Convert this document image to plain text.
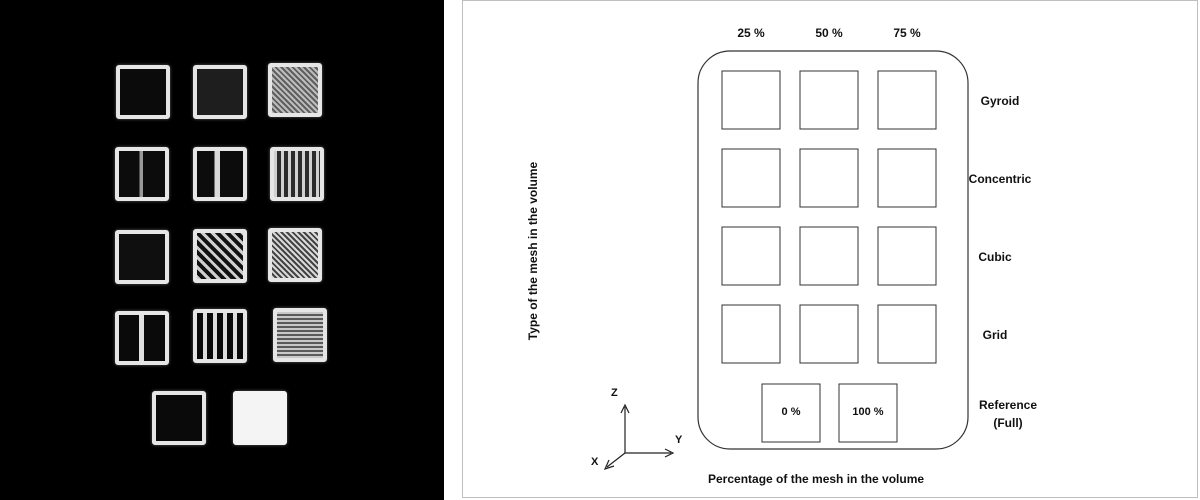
25 %	50 %	75 %
Gyroid
Concentric
Cubic
Grid
Reference
(Full)
0 %	100 %
Type of the mesh in the volume
Percentage of the mesh in the volume
Z
Y
X
